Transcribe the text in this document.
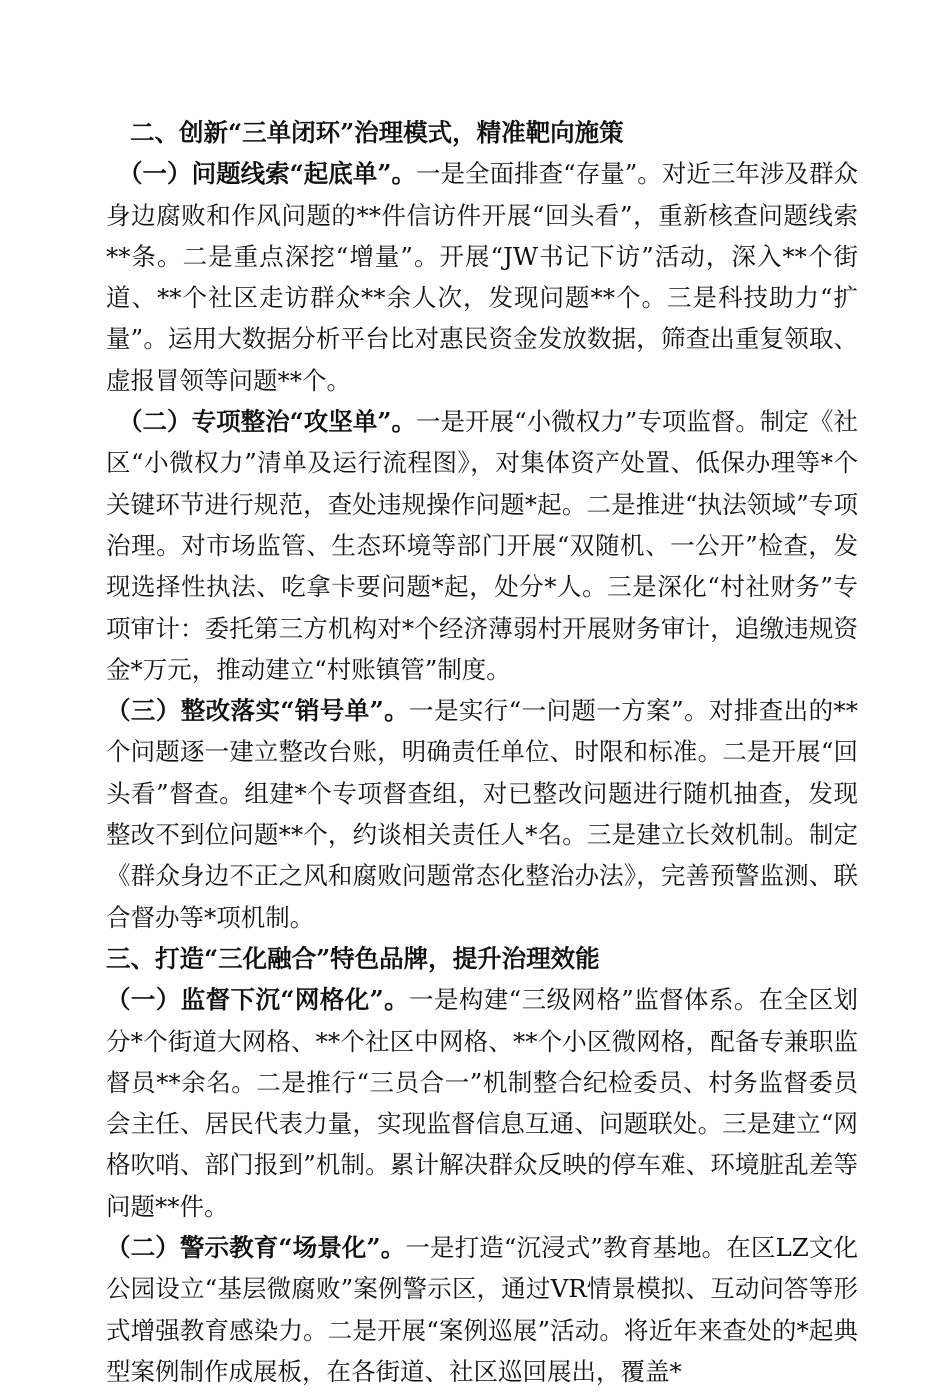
二、创新“三单闭环”治理模式，精准靶向施策

（一）问题线索“起底单”。一是全面排查“存量”。对近三年涉及群众身边腐败和作风问题的**件信访件开展“回头看”，重新核查问题线索**条。二是重点深挖“增量”。开展“JW书记下访”活动，深入**个街道、**个社区走访群众**余人次，发现问题**个。三是科技助力“扩量”。运用大数据分析平台比对惠民资金发放数据，筛查出重复领取、虚报冒领等问题**个。

（二）专项整治“攻坚单”。一是开展“小微权力”专项监督。制定《社区“小微权力”清单及运行流程图》，对集体资产处置、低保办理等*个关键环节进行规范，查处违规操作问题*起。二是推进“执法领域”专项治理。对市场监管、生态环境等部门开展“双随机、一公开”检查，发现选择性执法、吃拿卡要问题*起，处分*人。三是深化“村社财务”专项审计：委托第三方机构对*个经济薄弱村开展财务审计，追缴违规资金*万元，推动建立“村账镇管”制度。

（三）整改落实“销号单”。一是实行“一问题一方案”。对排查出的**个问题逐一建立整改台账，明确责任单位、时限和标准。二是开展“回头看”督查。组建*个专项督查组，对已整改问题进行随机抽查，发现整改不到位问题**个，约谈相关责任人*名。三是建立长效机制。制定《群众身边不正之风和腐败问题常态化整治办法》，完善预警监测、联合督办等*项机制。

三、打造“三化融合”特色品牌，提升治理效能

（一）监督下沉“网格化”。一是构建“三级网格”监督体系。在全区划分*个街道大网格、**个社区中网格、**个小区微网格，配备专兼职监督员**余名。二是推行“三员合一”机制整合纪检委员、村务监督委员会主任、居民代表力量，实现监督信息互通、问题联处。三是建立“网格吹哨、部门报到”机制。累计解决群众反映的停车难、环境脏乱差等问题**件。

（二）警示教育“场景化”。一是打造“沉浸式”教育基地。在区LZ文化公园设立“基层微腐败”案例警示区，通过VR情景模拟、互动问答等形式增强教育感染力。二是开展“案例巡展”活动。将近年来查处的*起典型案例制作成展板，在各街道、社区巡回展出，覆盖*
